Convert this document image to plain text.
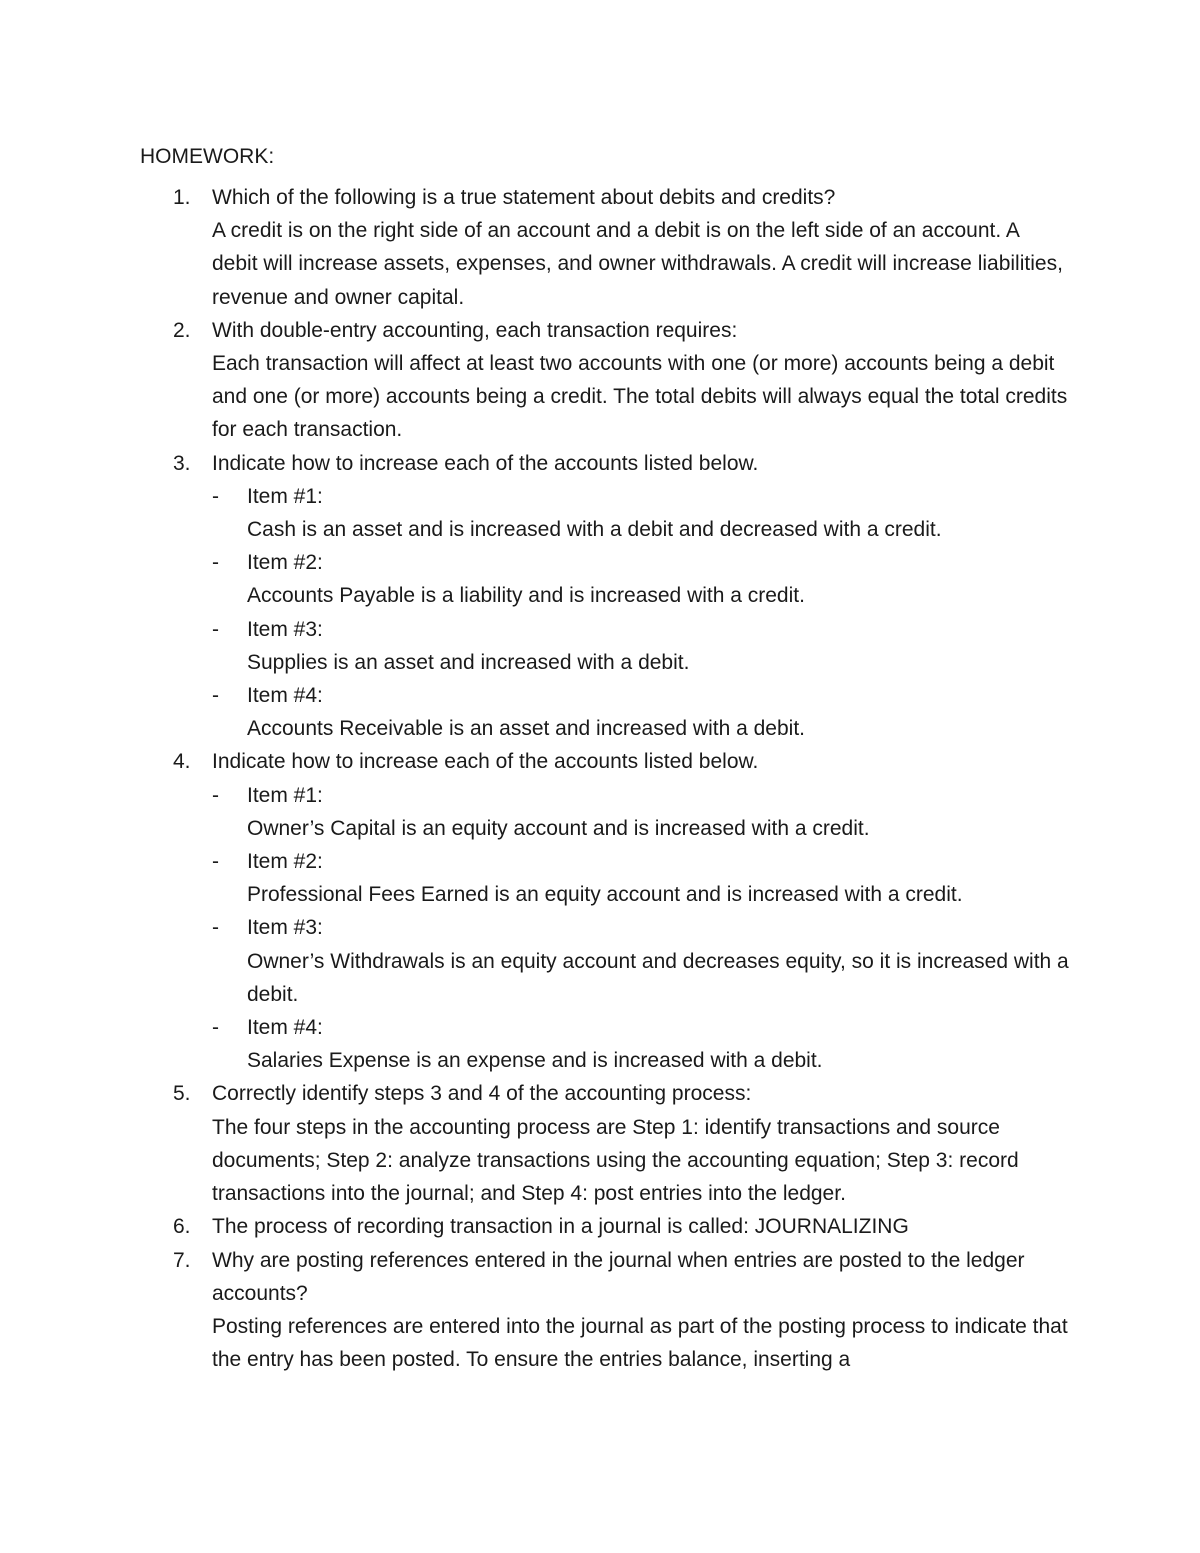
HOMEWORK:
1.	Which of the following is a true statement about debits and credits?
A credit is on the right side of an account and a debit is on the left side of an account. A debit will increase assets, expenses, and owner withdrawals. A credit will increase liabilities, revenue and owner capital.
2.	With double-entry accounting, each transaction requires:
Each transaction will affect at least two accounts with one (or more) accounts being a debit and one (or more) accounts being a credit. The total debits will always equal the total credits for each transaction.
3.	Indicate how to increase each of the accounts listed below.
- Item #1:
Cash is an asset and is increased with a debit and decreased with a credit.
- Item #2:
Accounts Payable is a liability and is increased with a credit.
- Item #3:
Supplies is an asset and increased with a debit.
- Item #4:
Accounts Receivable is an asset and increased with a debit.
4.	Indicate how to increase each of the accounts listed below.
- Item #1:
Owner’s Capital is an equity account and is increased with a credit.
- Item #2:
Professional Fees Earned is an equity account and is increased with a credit.
- Item #3:
Owner’s Withdrawals is an equity account and decreases equity, so it is increased with a debit.
- Item #4:
Salaries Expense is an expense and is increased with a debit.
5.	Correctly identify steps 3 and 4 of the accounting process:
The four steps in the accounting process are Step 1: identify transactions and source documents; Step 2: analyze transactions using the accounting equation; Step 3: record transactions into the journal; and Step 4: post entries into the ledger.
6.	The process of recording transaction in a journal is called: JOURNALIZING
7.	Why are posting references entered in the journal when entries are posted to the ledger accounts?
Posting references are entered into the journal as part of the posting process to indicate that the entry has been posted. To ensure the entries balance, inserting a
